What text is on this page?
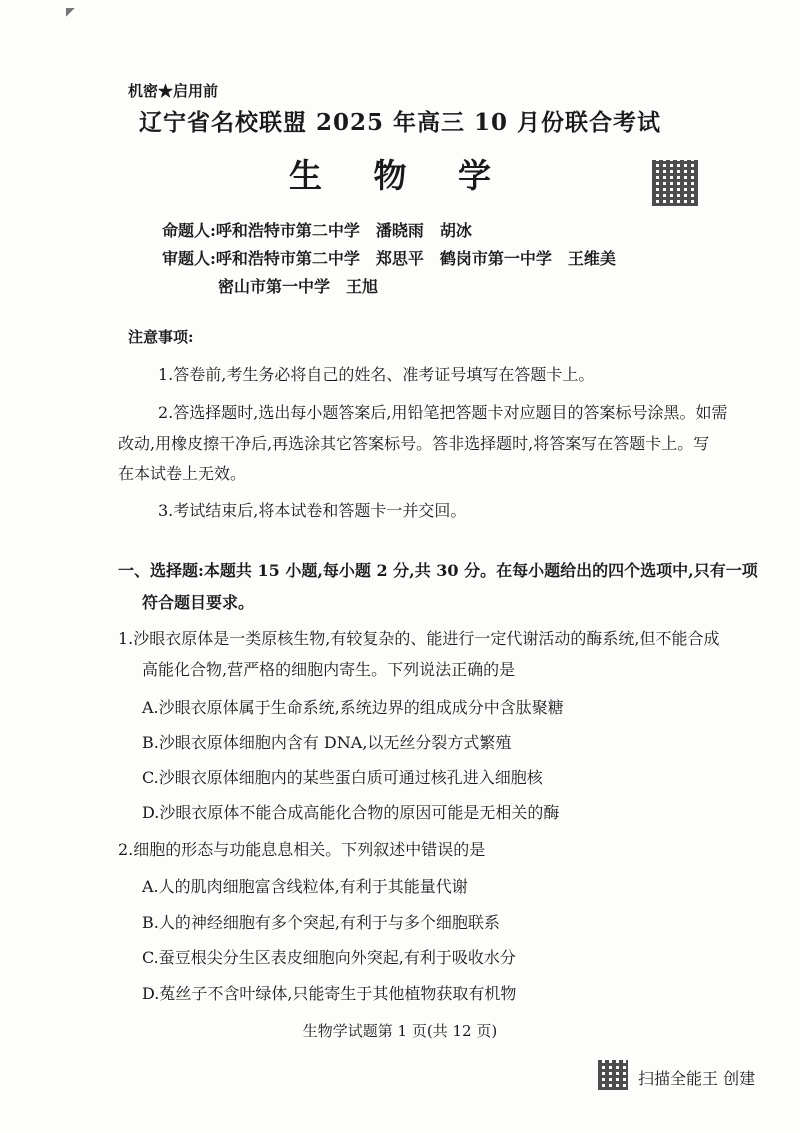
机密★启用前
辽宁省名校联盟 2025 年高三 10 月份联合考试
生 物 学
命题人:呼和浩特市第二中学　潘晓雨　胡冰
审题人:呼和浩特市第二中学　郑思平　鹤岗市第一中学　王维美
密山市第一中学　王旭
注意事项:
1.答卷前,考生务必将自己的姓名、准考证号填写在答题卡上。
2.答选择题时,选出每小题答案后,用铅笔把答题卡对应题目的答案标号涂黑。如需
改动,用橡皮擦干净后,再选涂其它答案标号。答非选择题时,将答案写在答题卡上。写
在本试卷上无效。
3.考试结束后,将本试卷和答题卡一并交回。
一、选择题:本题共 15 小题,每小题 2 分,共 30 分。在每小题给出的四个选项中,只有一项
符合题目要求。
1.沙眼衣原体是一类原核生物,有较复杂的、能进行一定代谢活动的酶系统,但不能合成
高能化合物,营严格的细胞内寄生。下列说法正确的是
A.沙眼衣原体属于生命系统,系统边界的组成成分中含肽聚糖
B.沙眼衣原体细胞内含有 DNA,以无丝分裂方式繁殖
C.沙眼衣原体细胞内的某些蛋白质可通过核孔进入细胞核
D.沙眼衣原体不能合成高能化合物的原因可能是无相关的酶
2.细胞的形态与功能息息相关。下列叙述中错误的是
A.人的肌肉细胞富含线粒体,有利于其能量代谢
B.人的神经细胞有多个突起,有利于与多个细胞联系
C.蚕豆根尖分生区表皮细胞向外突起,有利于吸收水分
D.菟丝子不含叶绿体,只能寄生于其他植物获取有机物
生物学试题第 1 页(共 12 页)
扫描全能王 创建
